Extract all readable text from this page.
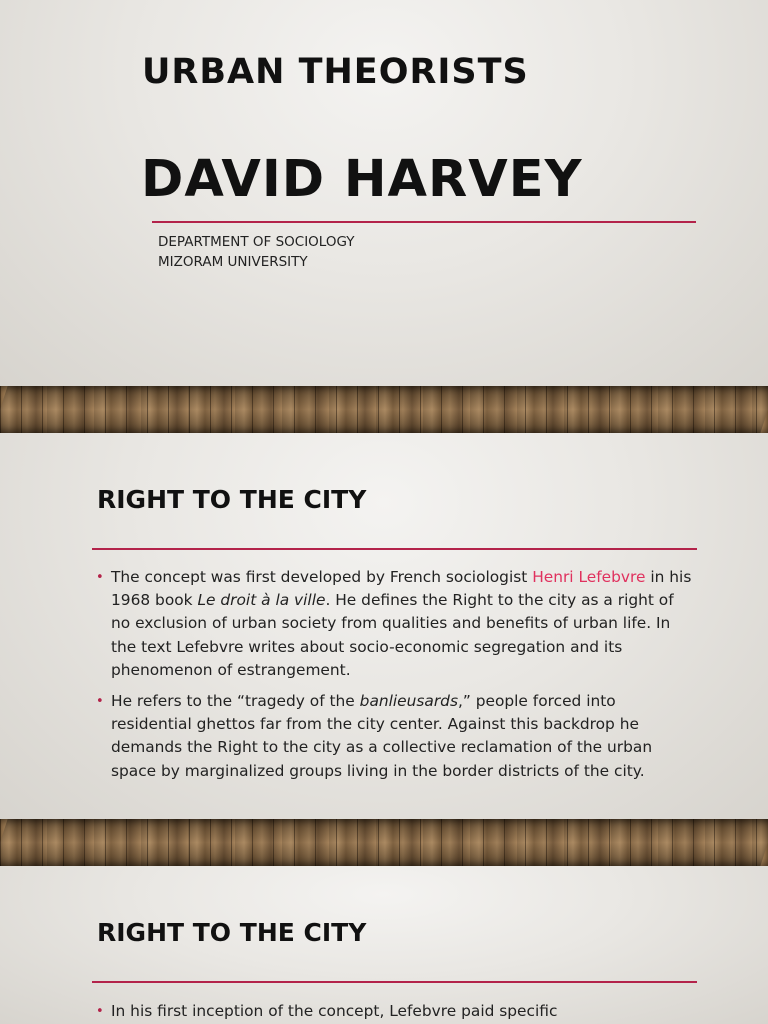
URBAN THEORISTS
DAVID HARVEY
DEPARTMENT OF SOCIOLOGY
MIZORAM UNIVERSITY
RIGHT TO THE CITY
• The concept was first developed by French sociologist Henri Lefebvre in his 1968 book Le droit à la ville. He defines the Right to the city as a right of no exclusion of urban society from qualities and benefits of urban life. In the text Lefebvre writes about socio-economic segregation and its phenomenon of estrangement.
• He refers to the “tragedy of the banlieusards,” people forced into residential ghettos far from the city center. Against this backdrop he demands the Right to the city as a collective reclamation of the urban space by marginalized groups living in the border districts of the city.
RIGHT TO THE CITY
• In his first inception of the concept, Lefebvre paid specific
